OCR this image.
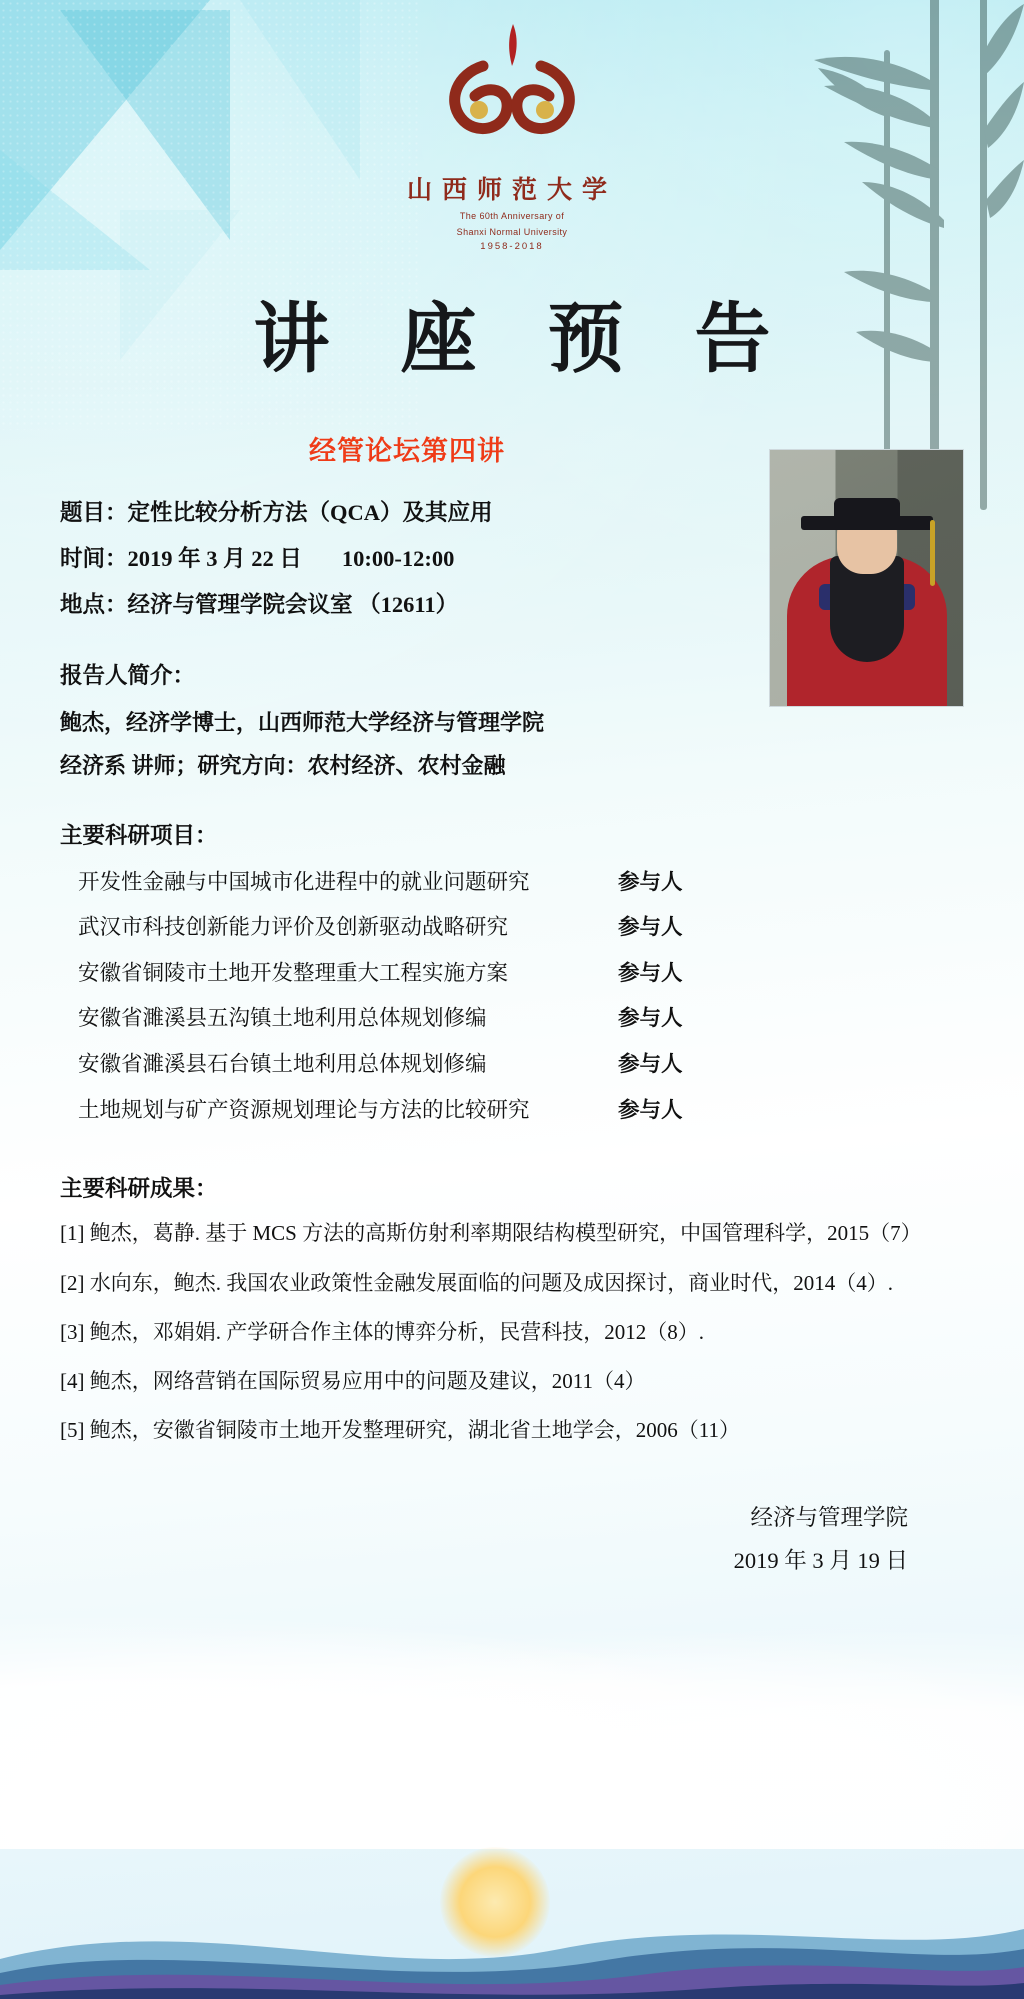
山西师范大学
The 60th Anniversary of
Shanxi Normal University
1958-2018
讲 座 预 告
经管论坛第四讲
题目：定性比较分析方法（QCA）及其应用
时间：2019 年 3 月 22 日 10:00-12:00
地点：经济与管理学院会议室 （12611）
报告人简介：
鲍杰，经济学博士，山西师范大学经济与管理学院
经济系 讲师；研究方向：农村经济、农村金融
主要科研项目：
开发性金融与中国城市化进程中的就业问题研究	参与人
武汉市科技创新能力评价及创新驱动战略研究	参与人
安徽省铜陵市土地开发整理重大工程实施方案	参与人
安徽省濉溪县五沟镇土地利用总体规划修编	参与人
安徽省濉溪县石台镇土地利用总体规划修编	参与人
土地规划与矿产资源规划理论与方法的比较研究	参与人
主要科研成果：
[1] 鲍杰，葛静. 基于 MCS 方法的高斯仿射利率期限结构模型研究，中国管理科学，2015（7）
[2] 水向东，鲍杰. 我国农业政策性金融发展面临的问题及成因探讨，商业时代，2014（4）.
[3] 鲍杰，邓娟娟. 产学研合作主体的博弈分析，民营科技，2012（8）.
[4] 鲍杰，网络营销在国际贸易应用中的问题及建议，2011（4）
[5] 鲍杰，安徽省铜陵市土地开发整理研究，湖北省土地学会，2006（11）
经济与管理学院
2019 年 3 月 19 日
